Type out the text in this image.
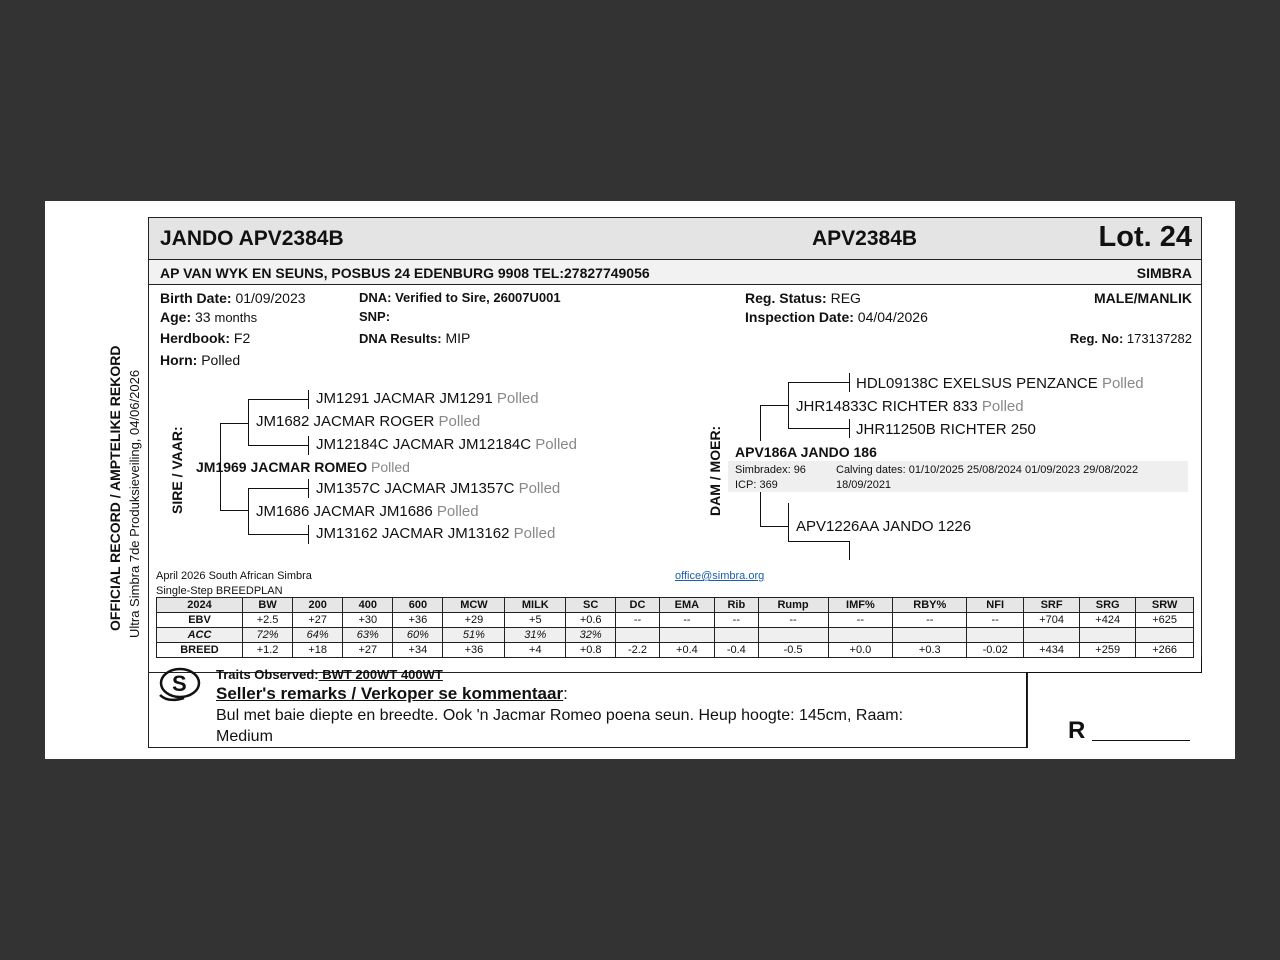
OFFICIAL RECORD / AMPTELIKE REKORD Ultra Simbra 7de Produksieveiling, 04/06/2026
JANDO APV2384B	APV2384B	Lot. 24
AP VAN WYK EN SEUNS, POSBUS 24 EDENBURG 9908 TEL:27827749056	SIMBRA
Birth Date: 01/09/2023
Age: 33 months
Herdbook: F2
Horn: Polled
DNA: Verified to Sire, 26007U001
SNP:
DNA Results: MIP
Reg. Status: REG
Inspection Date: 04/04/2026
MALE/MANLIK
Reg. No: 173137282
SIRE / VAAR:	DAM / MOER:
JM1291 JACMAR JM1291 Polled
JM1682 JACMAR ROGER Polled
JM12184C JACMAR JM12184C Polled
JM1969 JACMAR ROMEO Polled
JM1357C JACMAR JM1357C Polled
JM1686 JACMAR JM1686 Polled
JM13162 JACMAR JM13162 Polled
HDL09138C EXELSUS PENZANCE Polled
JHR14833C RICHTER 833 Polled
JHR11250B RICHTER 250
APV186A JANDO 186
Simbradex: 96
ICP: 369
Calving dates: 01/10/2025 25/08/2024 01/09/2023 29/08/2022
18/09/2021
APV1226AA JANDO 1226
April 2026 South African Simbra
Single-Step BREEDPLAN
office@simbra.org
2024	BW	200	400	600	MCW	MILK	SC	DC	EMA	Rib	Rump	IMF%	RBY%	NFI	SRF	SRG	SRW
EBV	+2.5	+27	+30	+36	+29	+5	+0.6	--	--	--	--	--	--	--	+704	+424	+625
ACC	72%	64%	63%	60%	51%	31%	32%										
BREED	+1.2	+18	+27	+34	+36	+4	+0.8	-2.2	+0.4	-0.4	-0.5	+0.0	+0.3	-0.02	+434	+259	+266
S Traits Observed: BWT 200WT 400WT
Seller's remarks / Verkoper se kommentaar:
Bul met baie diepte en breedte. Ook 'n Jacmar Romeo poena seun. Heup hoogte: 145cm, Raam:
Medium	R
